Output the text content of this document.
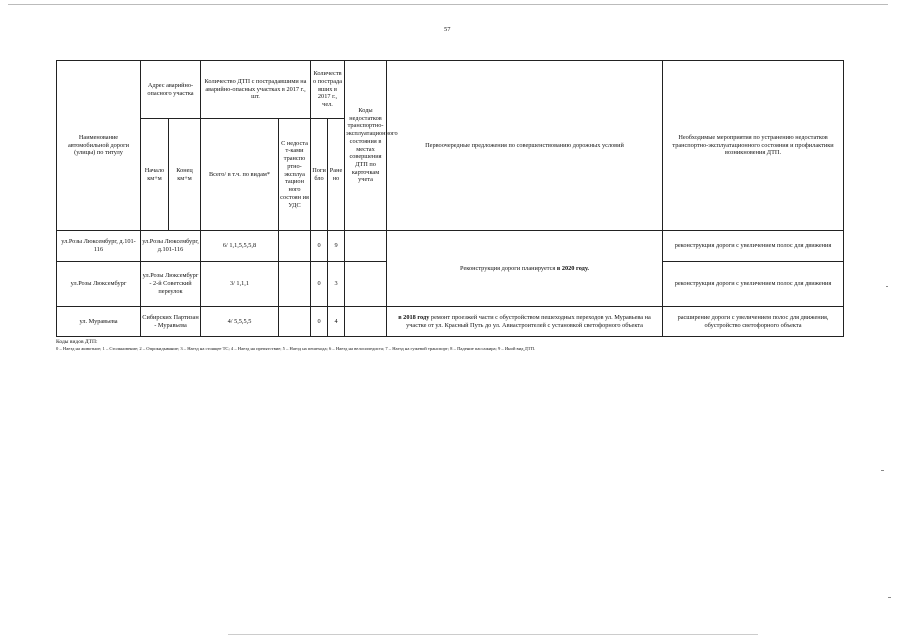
57
Наименование автомобильной дороги (улицы) по титулу	Адрес аварийно-опасного участка		Количество ДТП с пострадавшими на аварийно-опасных участках в 2017 г., шт.		Количеств о пострада вших в 2017 г., чел.		Коды недостатков транспортно-эксплуатационного состояния в местах совершения ДТП по карточкам учета	Первоочередные предложения по совершенствованию дорожных условий	Необходимые мероприятия по устранению недостатков транспортно-эксплуатационного состояния и профилактики возникновения ДТП.
	Начало км+м	Конец км+м	Всего/ в т.ч. по видам*	С недоста т-ками транспо ртно-эксплуа тацион ного состоян ия УДС	Поги бло	Ране но			
ул.Розы Люксембург, д.101-116	ул.Розы Люксембург, д.101-116		6/ 1,1,5,5,5,8		0	9		Реконструкция дороги планируется в 2020 году.	реконструкция дороги с увеличением полос для движения
ул.Розы Люксембург	ул.Розы Люксембург - 2-й Советский переулок		3/ 1,1,1		0	3			реконструкция дороги с увеличением полос для движения
ул. Муравьева	Сибирских Партизан - Муравьева		4/ 5,5,5,5		0	4		в 2018 году ремонт проезжей части с обустройством пешеходных переходов ул. Муравьева на участке от ул. Красный Путь до ул. Авиастроителей с установкой светофорного объекта	расширение дороги с увеличением полос для движения, обустройство светофорного объекта
Коды видов ДТП:
0 – Наезд на животное; 1 – Столкновение; 2 – Опрокидывание; 3 – Наезд на стоящее ТС; 4 – Наезд на препятствие; 5 – Наезд на пешехода; 6 – Наезд на велосипедиста; 7 – Наезд на гужевой транспорт; 8 – Падение пассажира; 9 – Иной вид ДТП.
